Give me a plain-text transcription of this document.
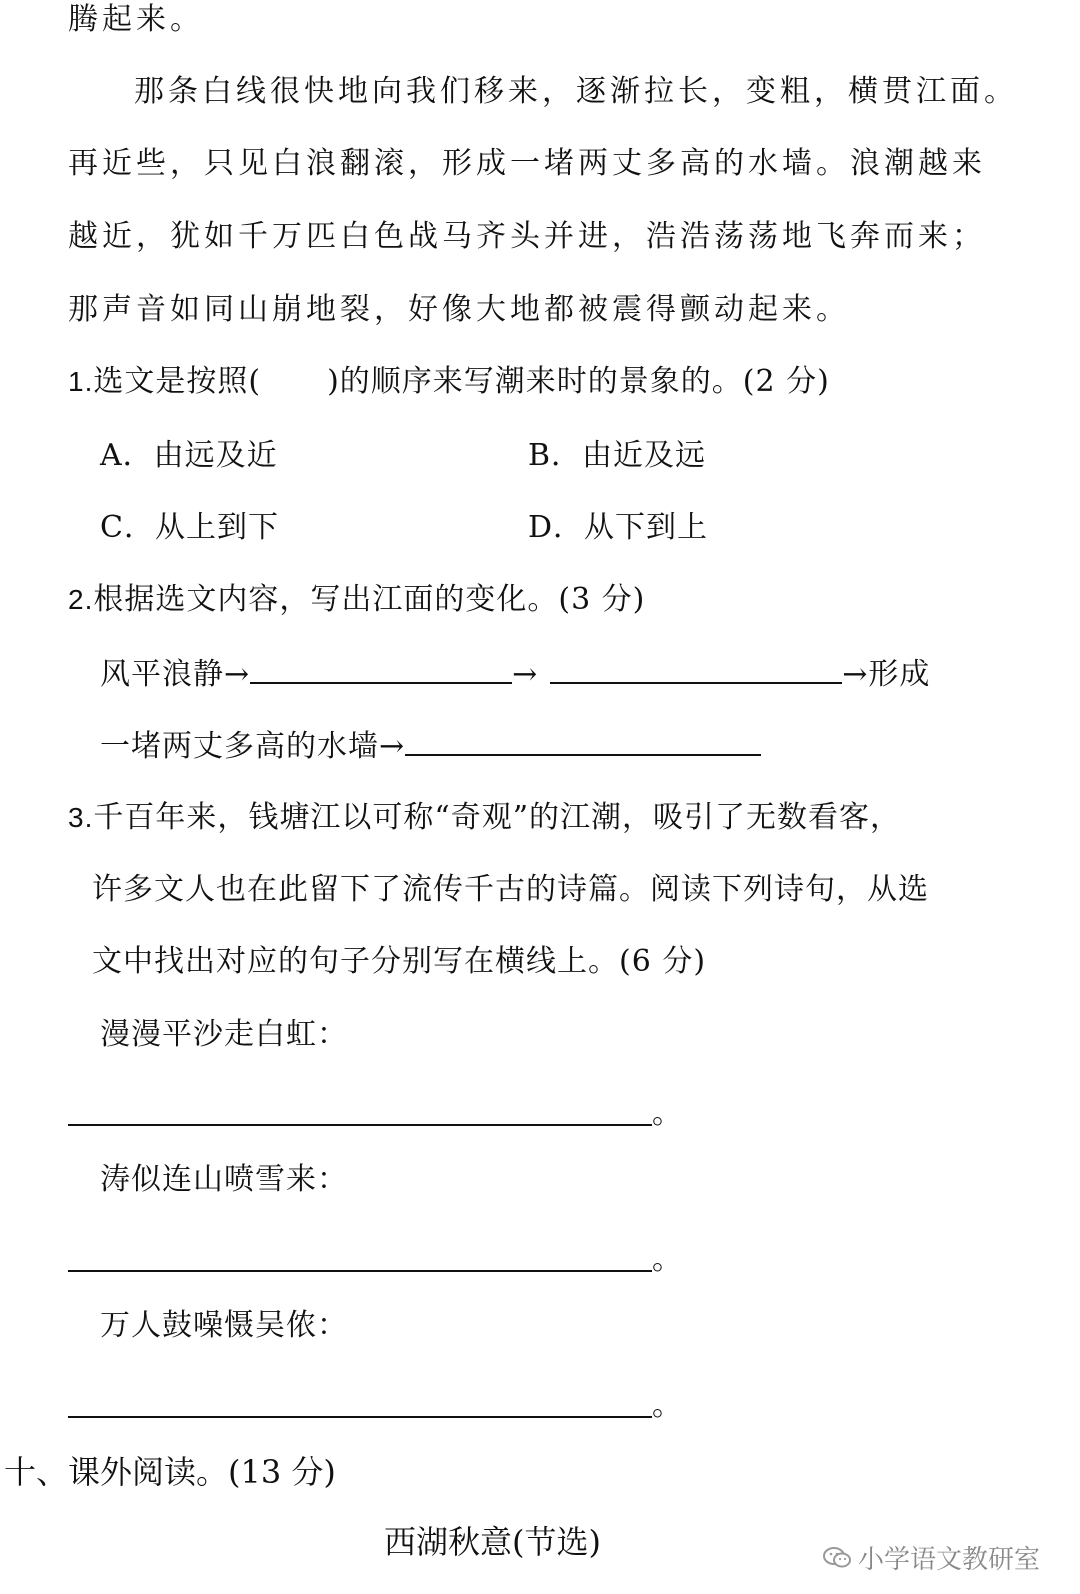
腾起来。
那条白线很快地向我们移来，逐渐拉长，变粗，横贯江面。
再近些，只见白浪翻滚，形成一堵两丈多高的水墙。浪潮越来
越近，犹如千万匹白色战马齐头并进，浩浩荡荡地飞奔而来；
那声音如同山崩地裂，好像大地都被震得颤动起来。
1.选文是按照( )的顺序来写潮来时的景象的。(2 分)
A．由远及近	B．由近及远
C．从上到下	D．从下到上
2.根据选文内容，写出江面的变化。(3 分)
风平浪静→	→	→形成
一堵两丈多高的水墙→
3.千百年来，钱塘江以可称“奇观”的江潮，吸引了无数看客，
许多文人也在此留下了流传千古的诗篇。阅读下列诗句，从选
文中找出对应的句子分别写在横线上。(6 分)
漫漫平沙走白虹：
。
涛似连山喷雪来：
。
万人鼓噪慑吴侬：
。
十、课外阅读。(13 分)
西湖秋意(节选)	小学语文教研室
